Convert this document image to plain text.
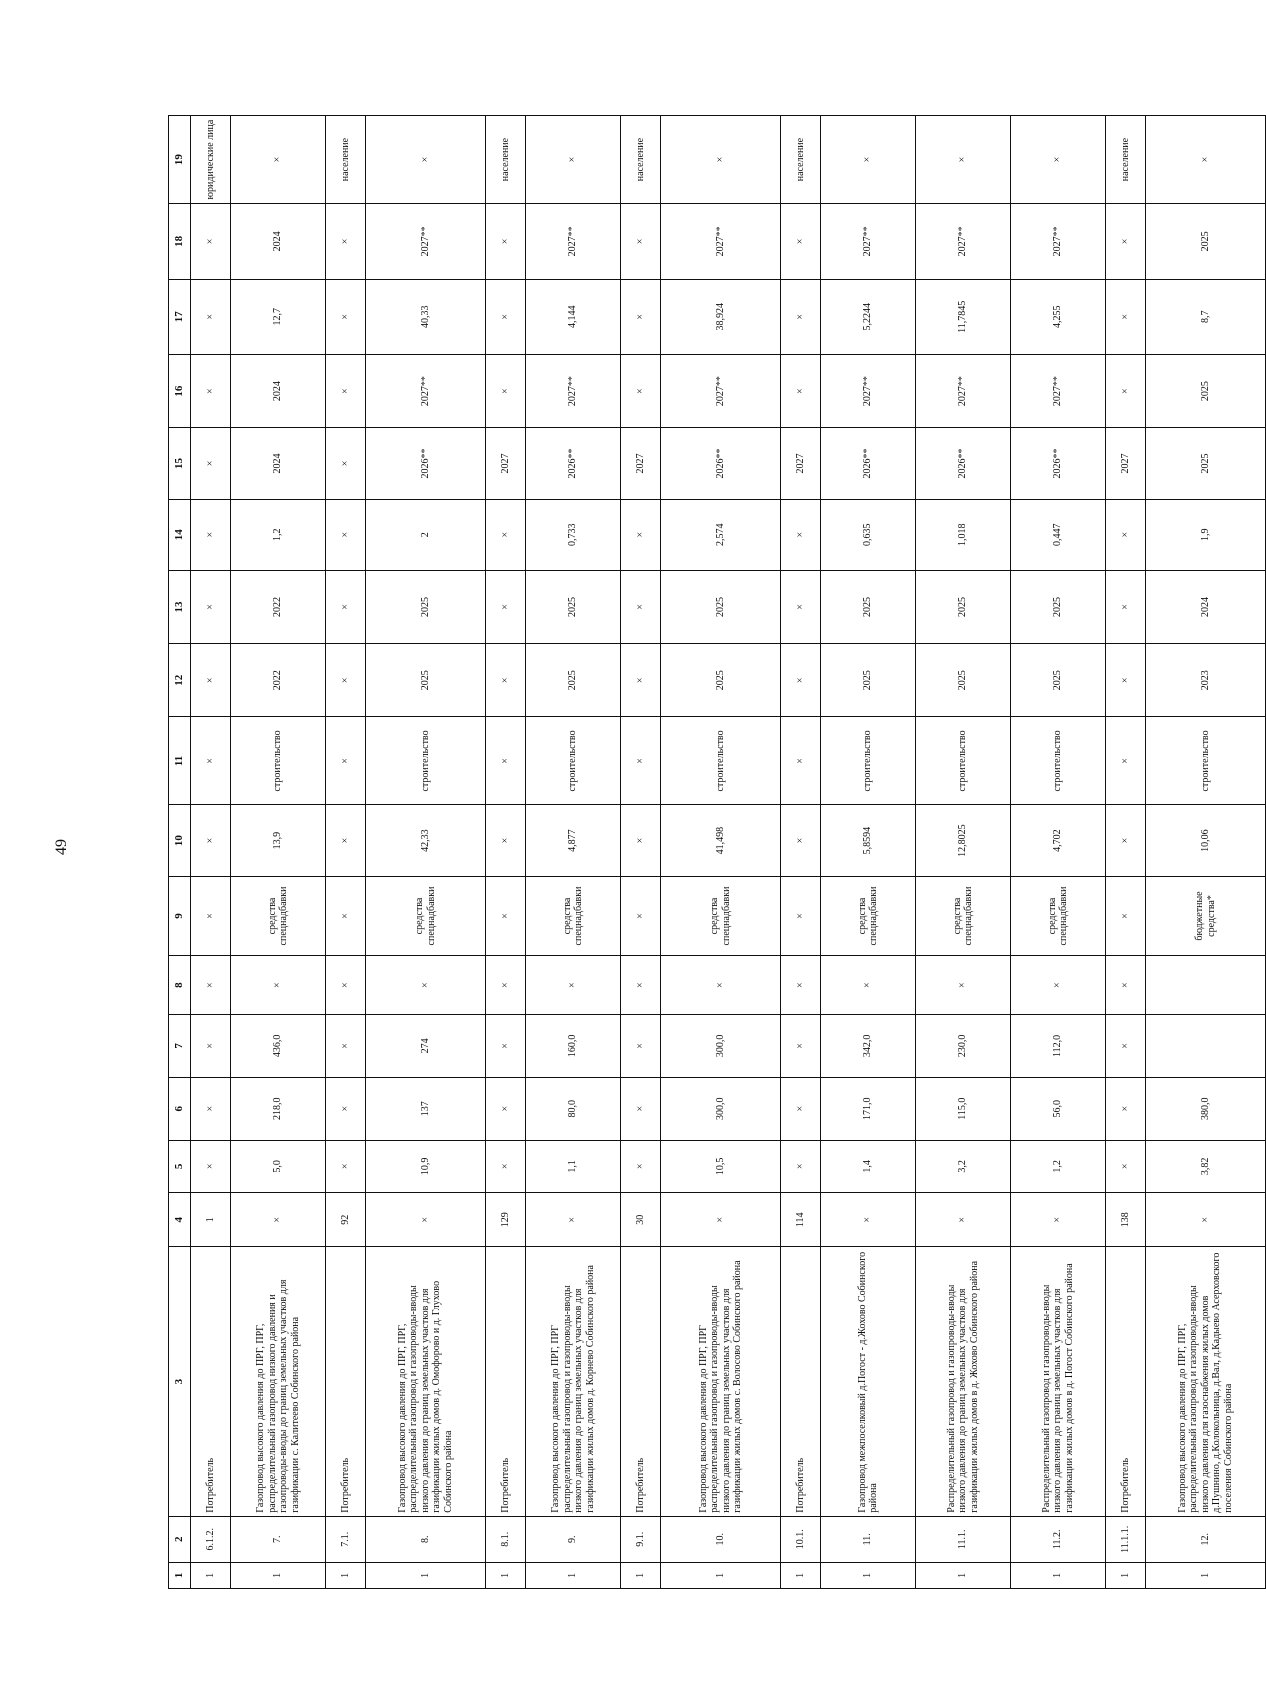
49
1	2	3	4	5	6	7	8	9	10	11	12	13	14	15	16	17	18	19
1	6.1.2.	Потребитель	1	×	×	×	×	×	×	×	×	×	×	×	×	×	×	юридические лица
1	7.	Газопровод высокого давления до ПРГ, ПРГ, распределительный газопровод низкого давления и газопроводы-вводы до границ земельных участков для газификации с. Калитеево Собинского района	×	5,0	218,0	436,0	×	средства спецнадбавки	13,9	строительство	2022	2022	1,2	2024	2024	12,7	2024	×
1	7.1.	Потребитель	92	×	×	×	×	×	×	×	×	×	×	×	×	×	×	население
1	8.	Газопровод высокого давления до ПРГ, ПРГ, распределительный газопровод и газопроводы-вводы низкого давления до границ земельных участков для газификации жилых домов д. Омофорово и д. Глухово Собинского района	×	10,9	137	274	×	средства спецнадбавки	42,33	строительство	2025	2025	2	2026**	2027**	40,33	2027**	×
1	8.1.	Потребитель	129	×	×	×	×	×	×	×	×	×	×	2027	×	×	×	население
1	9.	Газопровод высокого давления до ПРГ, ПРГ распределительный газопровод и газопроводы-вводы низкого давления до границ земельных участков для газификации жилых домов д. Корнево Собинского района	×	1,1	80,0	160,0	×	средства спецнадбавки	4,877	строительство	2025	2025	0,733	2026**	2027**	4,144	2027**	×
1	9.1.	Потребитель	30	×	×	×	×	×	×	×	×	×	×	2027	×	×	×	население
1	10.	Газопровод высокого давления до ПРГ, ПРГ распределительный газопровод и газопроводы-вводы низкого давления до границ земельных участков для газификации жилых домов с. Волосово Собинского района	×	10,5	300,0	300,0	×	средства спецнадбавки	41,498	строительство	2025	2025	2,574	2026**	2027**	38,924	2027**	×
1	10.1.	Потребитель	114	×	×	×	×	×	×	×	×	×	×	2027	×	×	×	население
1	11.	Газопровод межпоселковый д.Погост - д.Жохово Собинского района	×	1,4	171,0	342,0	×	средства спецнадбавки	5,8594	строительство	2025	2025	0,635	2026**	2027**	5,2244	2027**	×
1	11.1.	Распределительный газопровод и газопроводы-вводы низкого давления до границ земельных участков для газификации жилых домов в д. Жохово Собинского района	×	3,2	115,0	230,0	×	средства спецнадбавки	12,8025	строительство	2025	2025	1,018	2026**	2027**	11,7845	2027**	×
1	11.2.	Распределительный газопровод и газопроводы-вводы низкого давления до границ земельных участков для газификации жилых домов в д. Погост Собинского района	×	1,2	56,0	112,0	×	средства спецнадбавки	4,702	строительство	2025	2025	0,447	2026**	2027**	4,255	2027**	×
1	11.1.1.	Потребитель	138	×	×	×	×	×	×	×	×	×	×	2027	×	×	×	население
1	12.	Газопровод высокого давления до ПРГ, ПРГ, распределительный газопровод и газопроводы-вводы низкого давления для газоснабжения жилых домов д.Пушнино, д.Колокольница, д.Вал, д.Кадыево Асерховского поселения Собинского района	×	3,82	380,0			бюджетные средства*	10,06	строительство	2023	2024	1,9	2025	2025	8,7	2025	×
